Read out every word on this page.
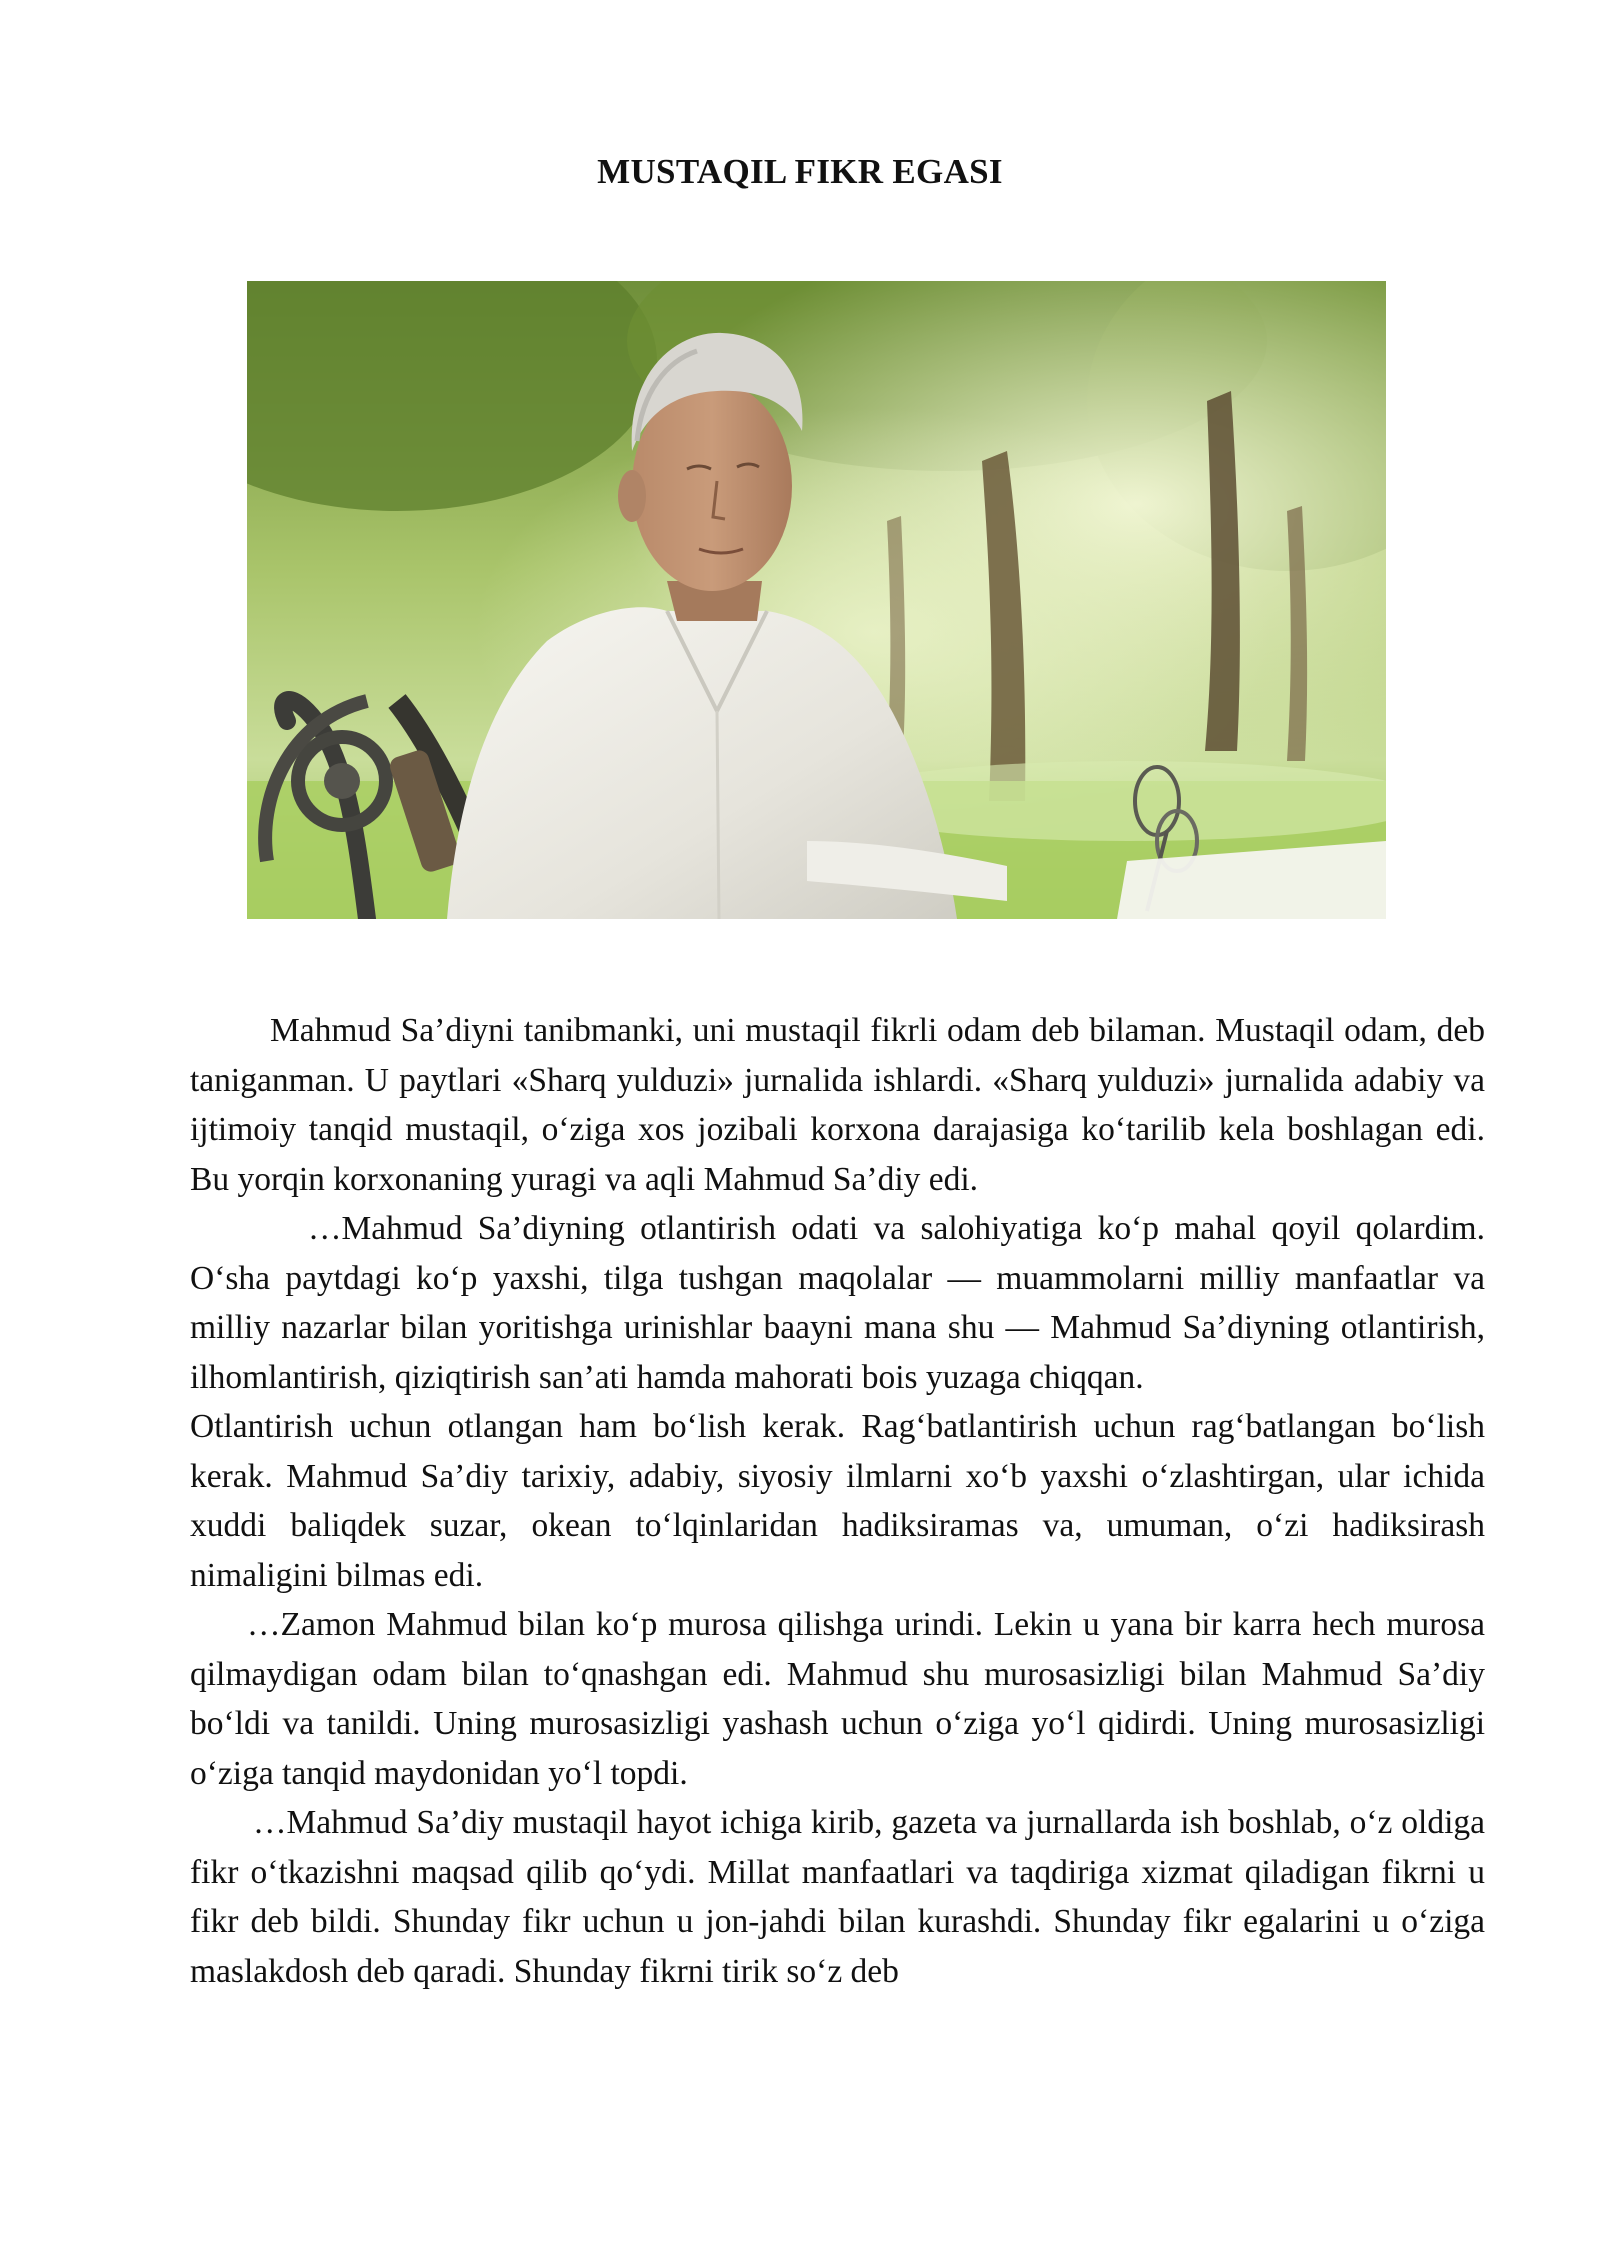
MUSTAQIL FIKR EGASI

Mahmud Sa’diyni tanibmanki, uni mustaqil fikrli odam deb bilaman. Mustaqil odam, deb taniganman. U paytlari «Sharq yulduzi» jurnalida ishlardi. «Sharq yulduzi» jurnalida adabiy va ijtimoiy tanqid mustaqil, oʻziga xos jozibali korxona darajasiga koʻtarilib kela boshlagan edi. Bu yorqin korxonaning yuragi va aqli Mahmud Sa’diy edi.

…Mahmud Sa’diyning otlantirish odati va salohiyatiga koʻp mahal qoyil qolardim. Oʻsha paytdagi koʻp yaxshi, tilga tushgan maqolalar — muammolarni milliy manfaatlar va milliy nazarlar bilan yoritishga urinishlar baayni mana shu — Mahmud Sa’diyning otlantirish, ilhomlantirish, qiziqtirish san’ati hamda mahorati bois yuzaga chiqqan.

Otlantirish uchun otlangan ham boʻlish kerak. Ragʻbatlantirish uchun ragʻbatlangan boʻlish kerak. Mahmud Sa’diy tarixiy, adabiy, siyosiy ilmlarni xoʻb yaxshi oʻzlashtirgan, ular ichida xuddi baliqdek suzar, okean toʻlqinlaridan hadiksiramas va, umuman, oʻzi hadiksirash nimaligini bilmas edi.

…Zamon Mahmud bilan koʻp murosa qilishga urindi. Lekin u yana bir karra hech murosa qilmaydigan odam bilan toʻqnashgan edi. Mahmud shu murosasizligi bilan Mahmud Sa’diy boʻldi va tanildi. Uning murosasizligi yashash uchun oʻziga yoʻl qidirdi. Uning murosasizligi oʻziga tanqid maydonidan yoʻl topdi.

…Mahmud Sa’diy mustaqil hayot ichiga kirib, gazeta va jurnallarda ish boshlab, oʻz oldiga fikr oʻtkazishni maqsad qilib qoʻydi. Millat manfaatlari va taqdiriga xizmat qiladigan fikrni u fikr deb bildi. Shunday fikr uchun u jon-jahdi bilan kurashdi. Shunday fikr egalarini u oʻziga maslakdosh deb qaradi. Shunday fikrni tirik soʻz deb
